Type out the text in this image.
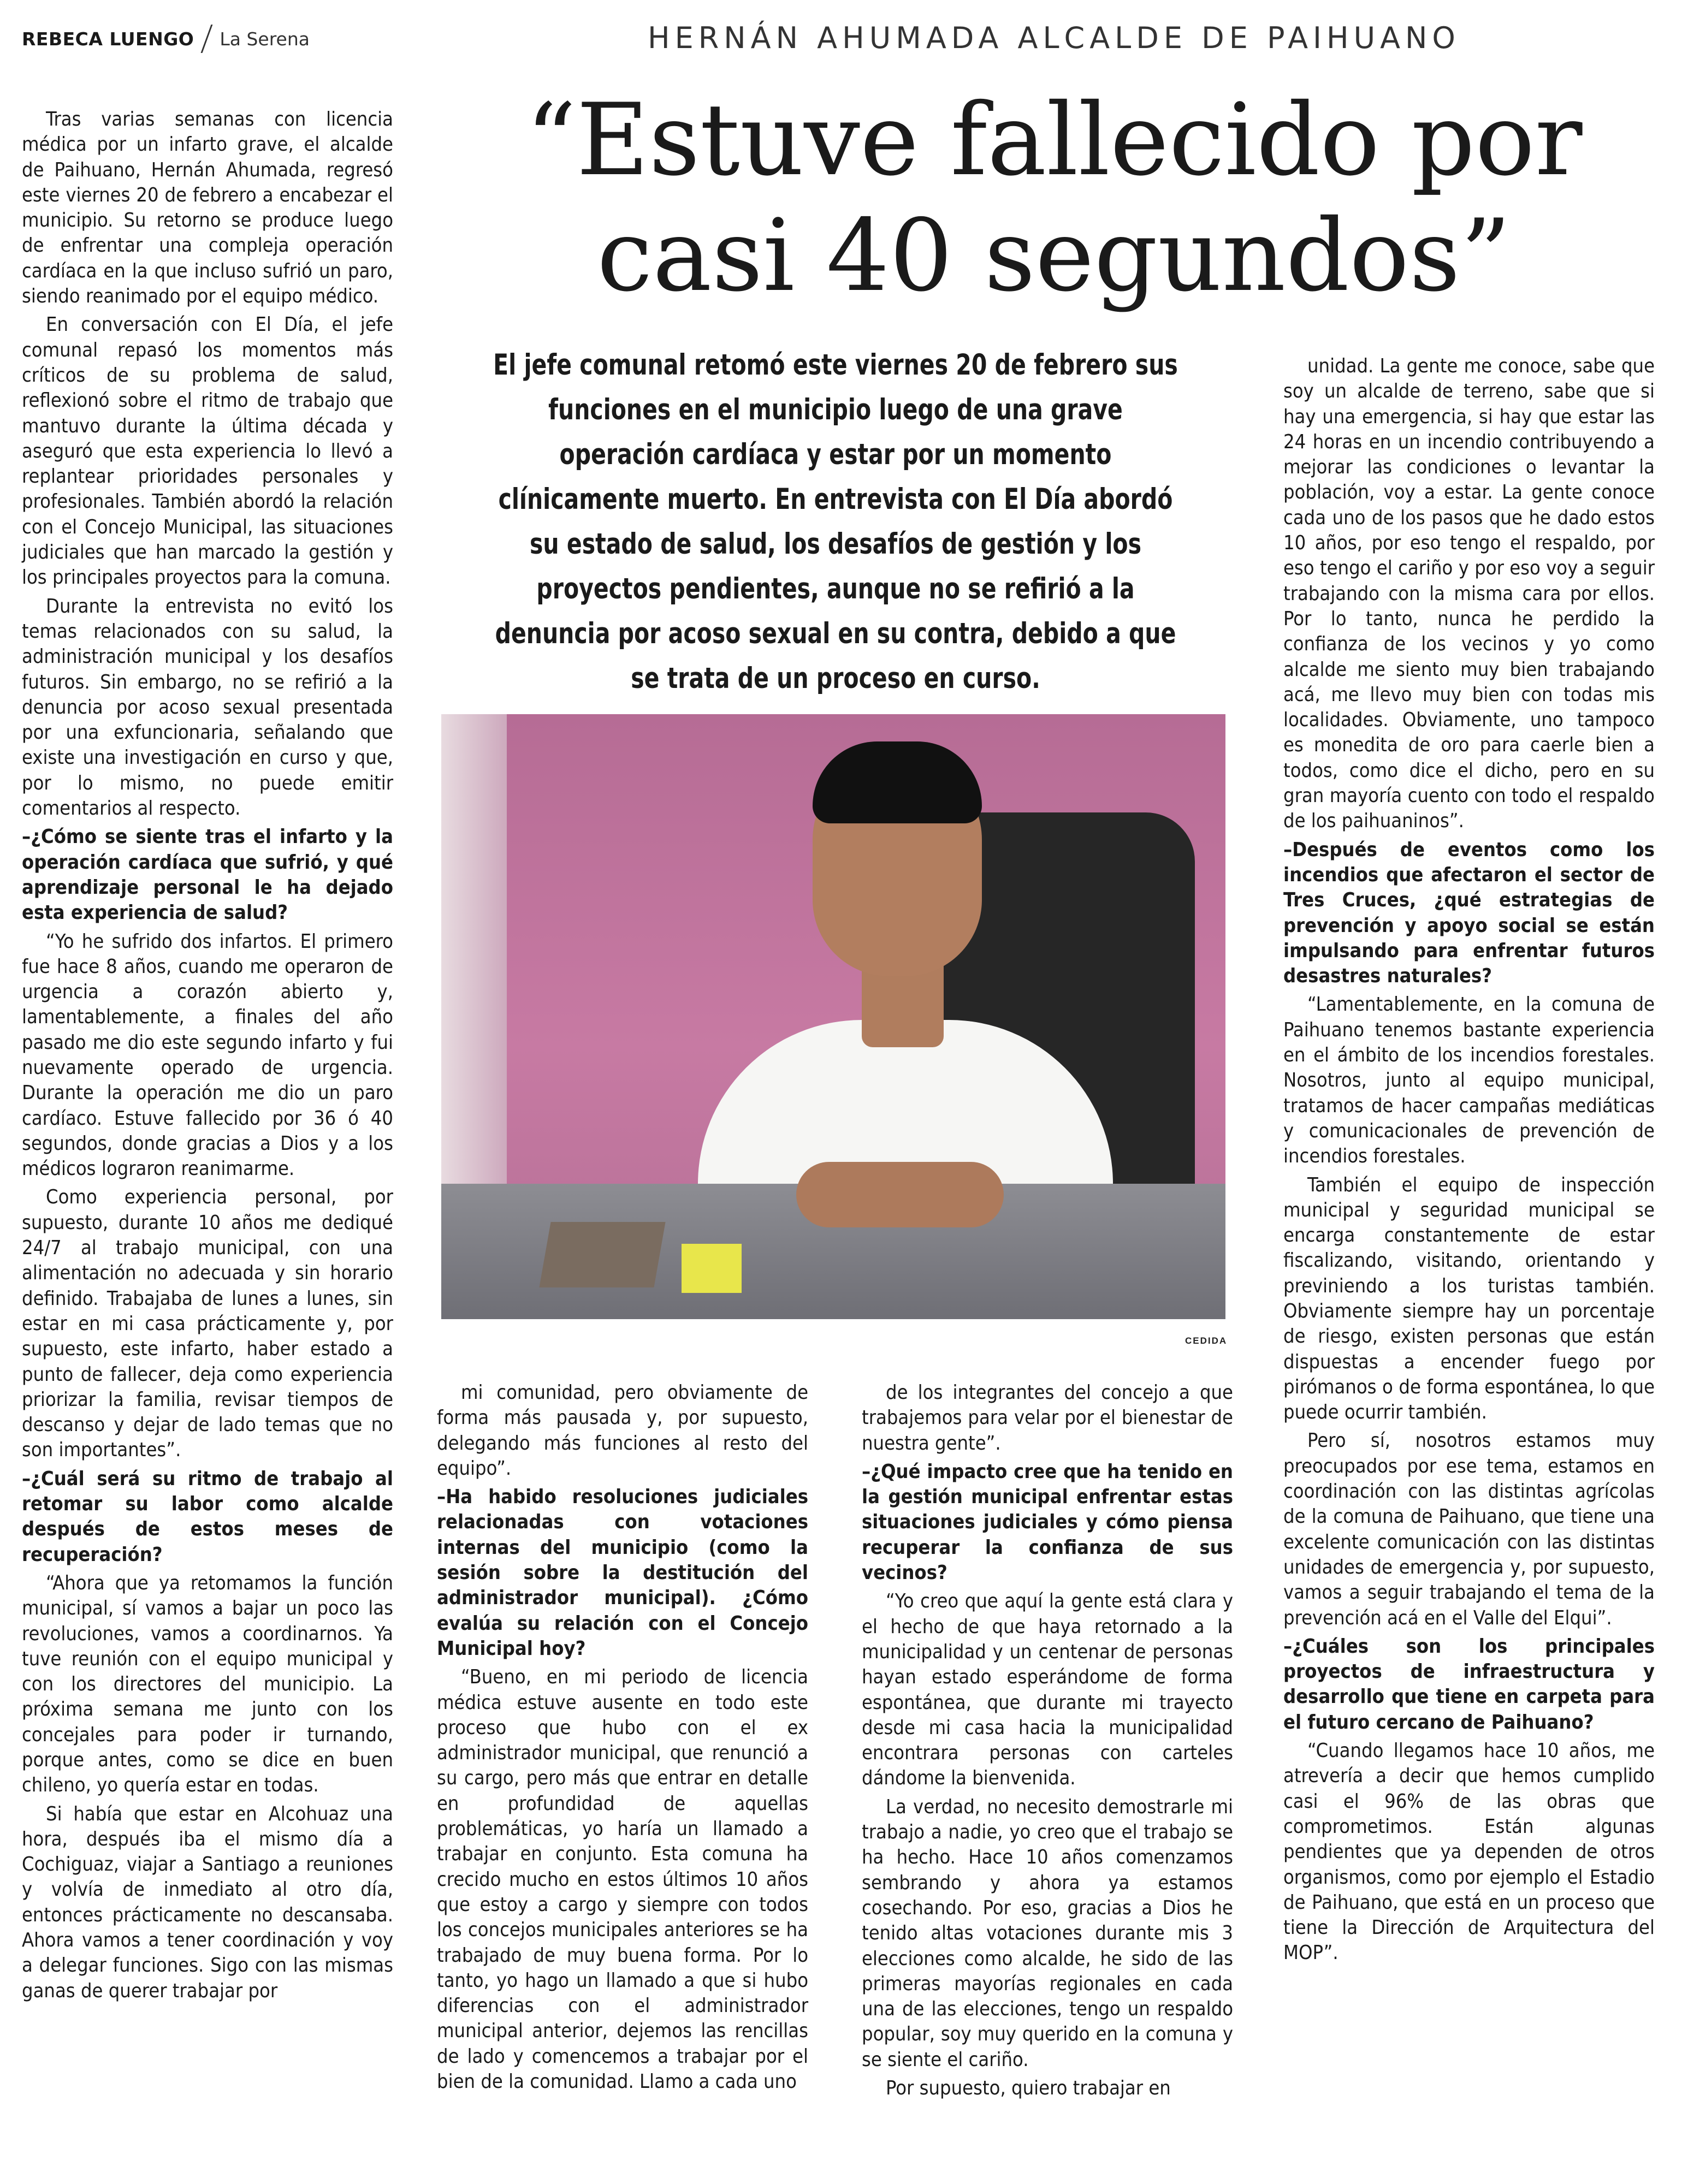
REBECA LUENGO La Serena	HERNÁN AHUMADA ALCALDE DE PAIHUANO
“Estuve fallecido por
casi 40 segundos”
El jefe comunal retomó este viernes 20 de febrero sus funciones en el municipio luego de una grave operación cardíaca y estar por un momento clínicamente muerto. En entrevista con El Día abordó su estado de salud, los desafíos de gestión y los proyectos pendientes, aunque no se refirió a la denuncia por acoso sexual en su contra, debido a que se trata de un proceso en curso.
CEDIDA

Tras varias semanas con licencia médica por un infarto grave, el alcalde de Paihuano, Hernán Ahumada, regresó este viernes 20 de febrero a encabezar el municipio. Su retorno se produce luego de enfrentar una compleja operación cardíaca en la que incluso sufrió un paro, siendo reanimado por el equipo médico.

En conversación con El Día, el jefe comunal repasó los momentos más críticos de su problema de salud, reflexionó sobre el ritmo de trabajo que mantuvo durante la última década y aseguró que esta experiencia lo llevó a replantear prioridades personales y profesionales. También abordó la relación con el Concejo Municipal, las situaciones judiciales que han marcado la gestión y los principales proyectos para la comuna.

Durante la entrevista no evitó los temas relacionados con su salud, la administración municipal y los desafíos futuros. Sin embargo, no se refirió a la denuncia por acoso sexual presentada por una exfuncionaria, señalando que existe una investigación en curso y que, por lo mismo, no puede emitir comentarios al respecto.

–¿Cómo se siente tras el infarto y la operación cardíaca que sufrió, y qué aprendizaje personal le ha dejado esta experiencia de salud?

“Yo he sufrido dos infartos. El primero fue hace 8 años, cuando me operaron de urgencia a corazón abierto y, lamentablemente, a finales del año pasado me dio este segundo infarto y fui nuevamente operado de urgencia. Durante la operación me dio un paro cardíaco. Estuve fallecido por 36 ó 40 segundos, donde gracias a Dios y a los médicos lograron reanimarme.

Como experiencia personal, por supuesto, durante 10 años me dediqué 24/7 al trabajo municipal, con una alimentación no adecuada y sin horario definido. Trabajaba de lunes a lunes, sin estar en mi casa prácticamente y, por supuesto, este infarto, haber estado a punto de fallecer, deja como experiencia priorizar la familia, revisar tiempos de descanso y dejar de lado temas que no son importantes”.

–¿Cuál será su ritmo de trabajo al retomar su labor como alcalde después de estos meses de recuperación?

“Ahora que ya retomamos la función municipal, sí vamos a bajar un poco las revoluciones, vamos a coordinarnos. Ya tuve reunión con el equipo municipal y con los directores del municipio. La próxima semana me junto con los concejales para poder ir turnando, porque antes, como se dice en buen chileno, yo quería estar en todas.

Si había que estar en Alcohuaz una hora, después iba el mismo día a Cochiguaz, viajar a Santiago a reuniones y volvía de inmediato al otro día, entonces prácticamente no descansaba. Ahora vamos a tener coordinación y voy a delegar funciones. Sigo con las mismas ganas de querer trabajar por

mi comunidad, pero obviamente de forma más pausada y, por supuesto, delegando más funciones al resto del equipo”.

–Ha habido resoluciones judiciales relacionadas con votaciones internas del municipio (como la sesión sobre la destitución del administrador municipal). ¿Cómo evalúa su relación con el Concejo Municipal hoy?

“Bueno, en mi periodo de licencia médica estuve ausente en todo este proceso que hubo con el ex administrador municipal, que renunció a su cargo, pero más que entrar en detalle en profundidad de aquellas problemáticas, yo haría un llamado a trabajar en conjunto. Esta comuna ha crecido mucho en estos últimos 10 años que estoy a cargo y siempre con todos los concejos municipales anteriores se ha trabajado de muy buena forma. Por lo tanto, yo hago un llamado a que si hubo diferencias con el administrador municipal anterior, dejemos las rencillas de lado y comencemos a trabajar por el bien de la comunidad. Llamo a cada uno

de los integrantes del concejo a que trabajemos para velar por el bienestar de nuestra gente”.

–¿Qué impacto cree que ha tenido en la gestión municipal enfrentar estas situaciones judiciales y cómo piensa recuperar la confianza de sus vecinos?

“Yo creo que aquí la gente está clara y el hecho de que haya retornado a la municipalidad y un centenar de personas hayan estado esperándome de forma espontánea, que durante mi trayecto desde mi casa hacia la municipalidad encontrara personas con carteles dándome la bienvenida.

La verdad, no necesito demostrarle mi trabajo a nadie, yo creo que el trabajo se ha hecho. Hace 10 años comenzamos sembrando y ahora ya estamos cosechando. Por eso, gracias a Dios he tenido altas votaciones durante mis 3 elecciones como alcalde, he sido de las primeras mayorías regionales en cada una de las elecciones, tengo un respaldo popular, soy muy querido en la comuna y se siente el cariño.

Por supuesto, quiero trabajar en

unidad. La gente me conoce, sabe que soy un alcalde de terreno, sabe que si hay una emergencia, si hay que estar las 24 horas en un incendio contribuyendo a mejorar las condiciones o levantar la población, voy a estar. La gente conoce cada uno de los pasos que he dado estos 10 años, por eso tengo el respaldo, por eso tengo el cariño y por eso voy a seguir trabajando con la misma cara por ellos. Por lo tanto, nunca he perdido la confianza de los vecinos y yo como alcalde me siento muy bien trabajando acá, me llevo muy bien con todas mis localidades. Obviamente, uno tampoco es monedita de oro para caerle bien a todos, como dice el dicho, pero en su gran mayoría cuento con todo el respaldo de los paihuaninos”.

–Después de eventos como los incendios que afectaron el sector de Tres Cruces, ¿qué estrategias de prevención y apoyo social se están impulsando para enfrentar futuros desastres naturales?

“Lamentablemente, en la comuna de Paihuano tenemos bastante experiencia en el ámbito de los incendios forestales. Nosotros, junto al equipo municipal, tratamos de hacer campañas mediáticas y comunicacionales de prevención de incendios forestales.

También el equipo de inspección municipal y seguridad municipal se encarga constantemente de estar fiscalizando, visitando, orientando y previniendo a los turistas también. Obviamente siempre hay un porcentaje de riesgo, existen personas que están dispuestas a encender fuego por pirómanos o de forma espontánea, lo que puede ocurrir también.

Pero sí, nosotros estamos muy preocupados por ese tema, estamos en coordinación con las distintas agrícolas de la comuna de Paihuano, que tiene una excelente comunicación con las distintas unidades de emergencia y, por supuesto, vamos a seguir trabajando el tema de la prevención acá en el Valle del Elqui”.

–¿Cuáles son los principales proyectos de infraestructura y desarrollo que tiene en carpeta para el futuro cercano de Paihuano?

“Cuando llegamos hace 10 años, me atrevería a decir que hemos cumplido casi el 96% de las obras que comprometimos. Están algunas pendientes que ya dependen de otros organismos, como por ejemplo el Estadio de Paihuano, que está en un proceso que tiene la Dirección de Arquitectura del MOP”.
